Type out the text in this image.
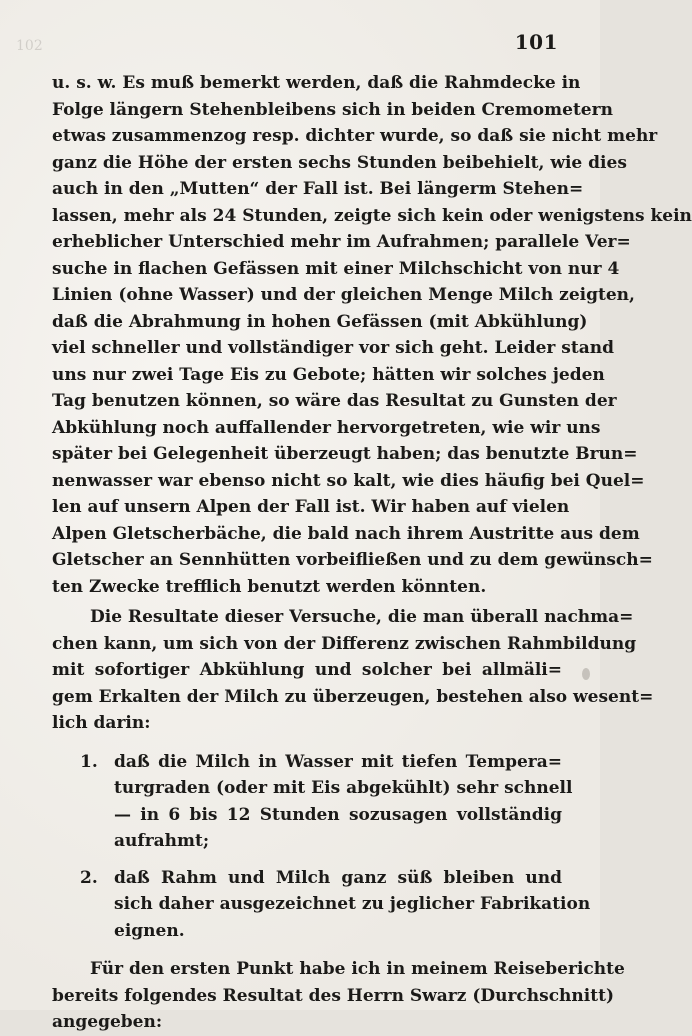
102	101
u. s. w. Es muß bemerkt werden, daß die Rahmdecke in
Folge längern Stehenbleibens sich in beiden Cremometern
etwas zusammenzog resp. dichter wurde, so daß sie nicht mehr
ganz die Höhe der ersten sechs Stunden beibehielt, wie dies
auch in den „Mutten“ der Fall ist. Bei längerm Stehen=
lassen, mehr als 24 Stunden, zeigte sich kein oder wenigstens kein
erheblicher Unterschied mehr im Aufrahmen; parallele Ver=
suche in flachen Gefässen mit einer Milchschicht von nur 4
Linien (ohne Wasser) und der gleichen Menge Milch zeigten,
daß die Abrahmung in hohen Gefässen (mit Abkühlung)
viel schneller und vollständiger vor sich geht. Leider stand
uns nur zwei Tage Eis zu Gebote; hätten wir solches jeden
Tag benutzen können, so wäre das Resultat zu Gunsten der
Abkühlung noch auffallender hervorgetreten, wie wir uns
später bei Gelegenheit überzeugt haben; das benutzte Brun=
nenwasser war ebenso nicht so kalt, wie dies häufig bei Quel=
len auf unsern Alpen der Fall ist. Wir haben auf vielen
Alpen Gletscherbäche, die bald nach ihrem Austritte aus dem
Gletscher an Sennhütten vorbeifließen und zu dem gewünsch=
ten Zwecke trefflich benutzt werden könnten.
Die Resultate dieser Versuche, die man überall nachma=
chen kann, um sich von der Differenz zwischen Rahmbildung
mit sofortiger Abkühlung und solcher bei allmäli=
gem Erkalten der Milch zu überzeugen, bestehen also wesent=
lich darin:
1. daß die Milch in Wasser mit tiefen Tempera=
turgraden (oder mit Eis abgekühlt) sehr schnell
— in 6 bis 12 Stunden sozusagen vollständig
aufrahmt;
2. daß Rahm und Milch ganz süß bleiben und
sich daher ausgezeichnet zu jeglicher Fabrikation
eignen.
Für den ersten Punkt habe ich in meinem Reiseberichte
bereits folgendes Resultat des Herrn Swarz (Durchschnitt)
angegeben:
